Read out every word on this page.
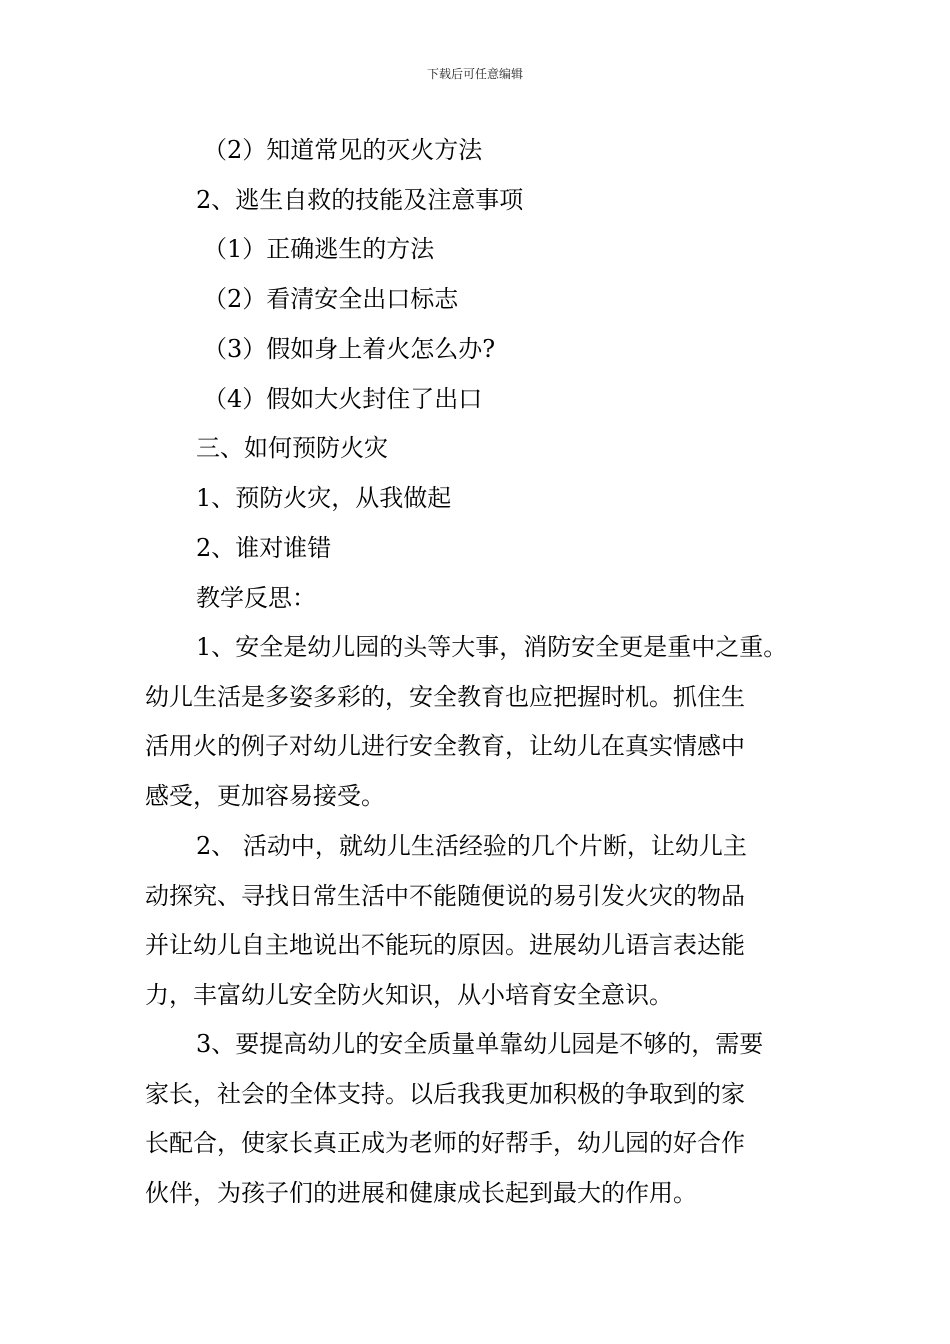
下载后可任意编辑
（2）知道常见的灭火方法
2、逃生自救的技能及注意事项
（1）正确逃生的方法
（2）看清安全出口标志
（3）假如身上着火怎么办?
（4）假如大火封住了出口
三、如何预防火灾
1、预防火灾，从我做起
2、谁对谁错
教学反思：
1、安全是幼儿园的头等大事，消防安全更是重中之重。
幼儿生活是多姿多彩的，安全教育也应把握时机。抓住生
活用火的例子对幼儿进行安全教育，让幼儿在真实情感中
感受，更加容易接受。
2、 活动中，就幼儿生活经验的几个片断，让幼儿主
动探究、寻找日常生活中不能随便说的易引发火灾的物品
并让幼儿自主地说出不能玩的原因。进展幼儿语言表达能
力，丰富幼儿安全防火知识，从小培育安全意识。
3、要提高幼儿的安全质量单靠幼儿园是不够的，需要
家长，社会的全体支持。以后我我更加积极的争取到的家
长配合，使家长真正成为老师的好帮手，幼儿园的好合作
伙伴，为孩子们的进展和健康成长起到最大的作用。
